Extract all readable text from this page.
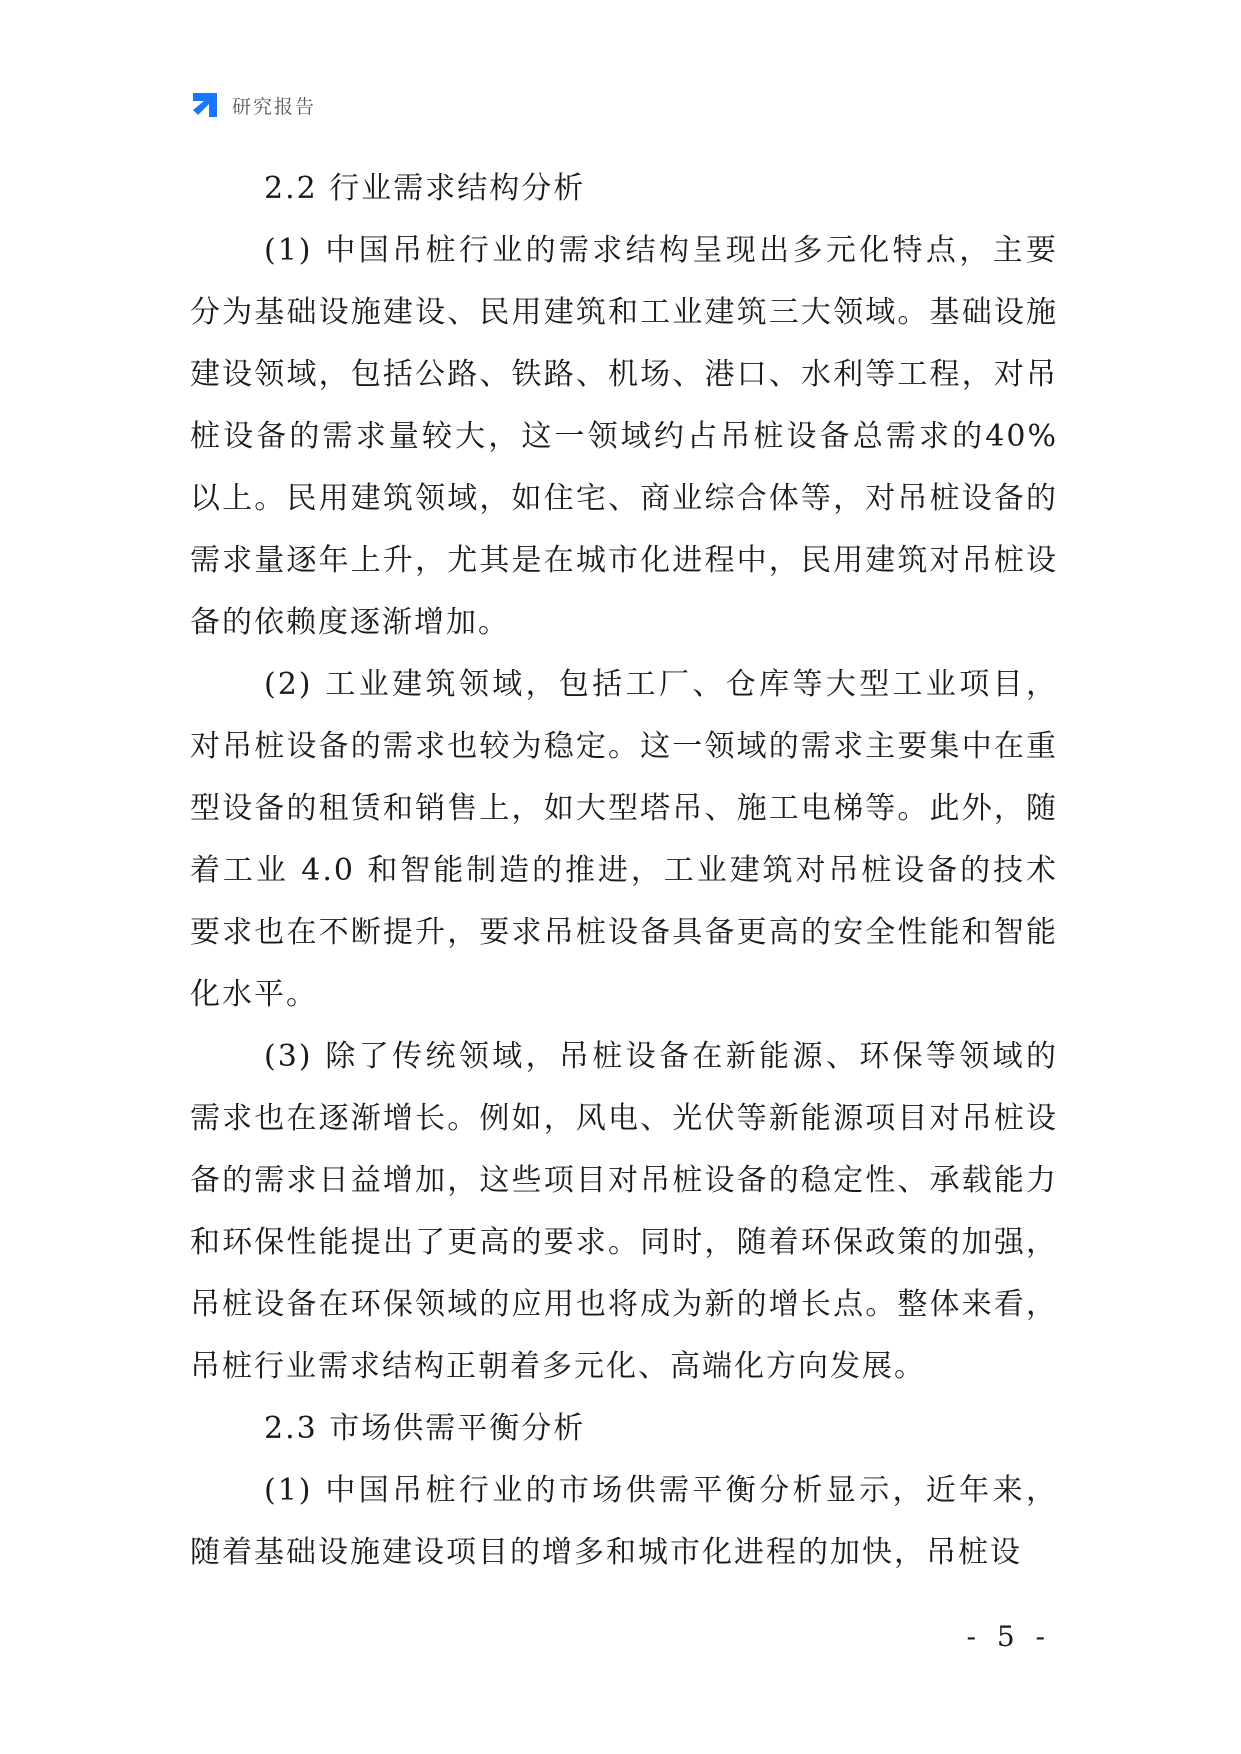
研究报告
2.2 行业需求结构分析

(1) 中国吊桩行业的需求结构呈现出多元化特点，主要分为基础设施建设、民用建筑和工业建筑三大领域。基础设施建设领域，包括公路、铁路、机场、港口、水利等工程，对吊桩设备的需求量较大，这一领域约占吊桩设备总需求的40%以上。民用建筑领域，如住宅、商业综合体等，对吊桩设备的需求量逐年上升，尤其是在城市化进程中，民用建筑对吊桩设备的依赖度逐渐增加。

(2) 工业建筑领域，包括工厂、仓库等大型工业项目，对吊桩设备的需求也较为稳定。这一领域的需求主要集中在重型设备的租赁和销售上，如大型塔吊、施工电梯等。此外，随着工业 4.0 和智能制造的推进，工业建筑对吊桩设备的技术要求也在不断提升，要求吊桩设备具备更高的安全性能和智能化水平。

(3) 除了传统领域，吊桩设备在新能源、环保等领域的需求也在逐渐增长。例如，风电、光伏等新能源项目对吊桩设备的需求日益增加，这些项目对吊桩设备的稳定性、承载能力和环保性能提出了更高的要求。同时，随着环保政策的加强，吊桩设备在环保领域的应用也将成为新的增长点。整体来看，吊桩行业需求结构正朝着多元化、高端化方向发展。

2.3 市场供需平衡分析

(1) 中国吊桩行业的市场供需平衡分析显示，近年来，随着基础设施建设项目的增多和城市化进程的加快，吊桩设

- 5 -
